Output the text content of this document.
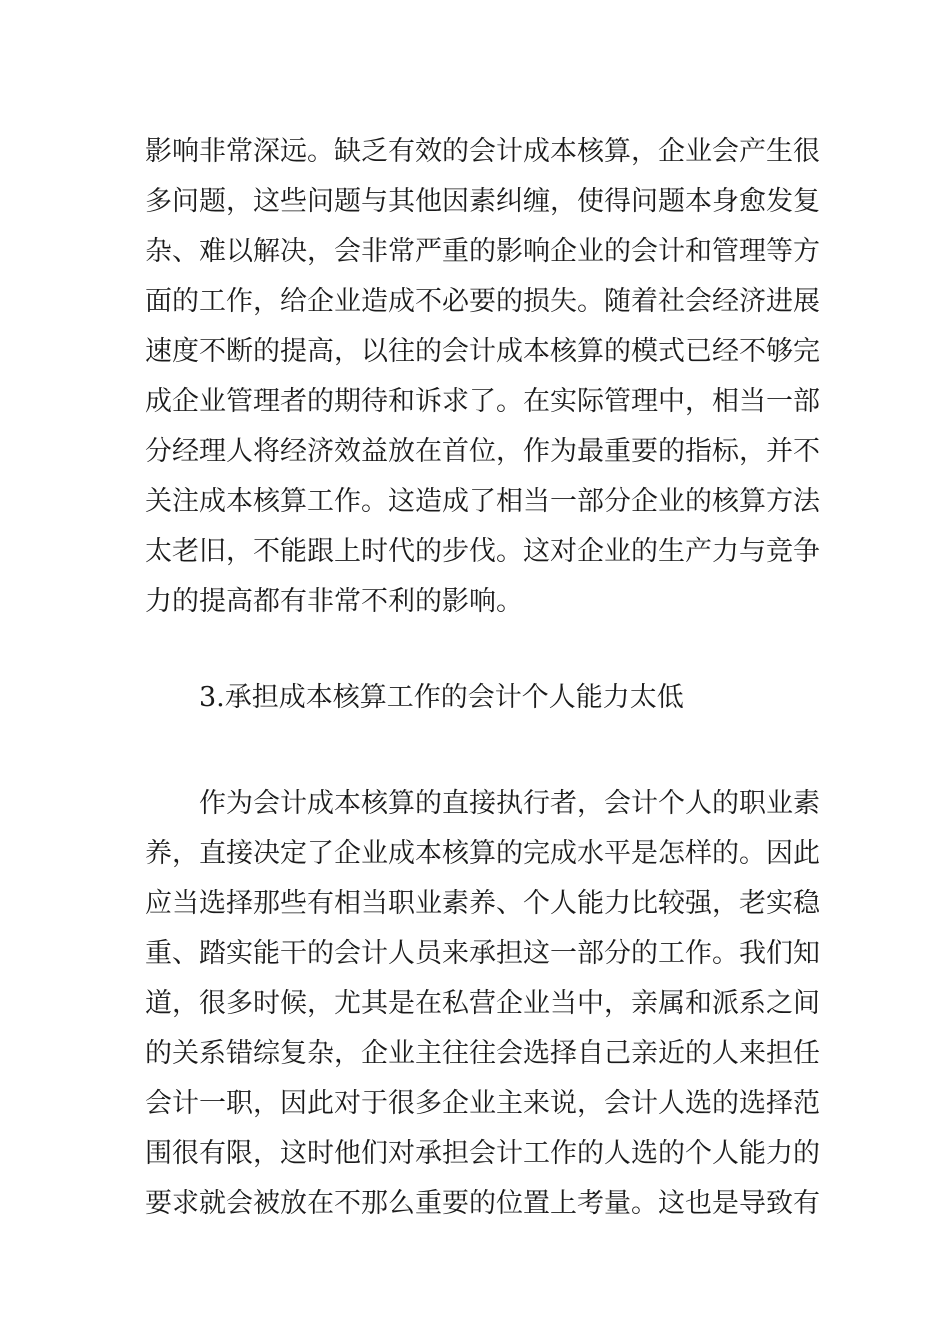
影响非常深远。缺乏有效的会计成本核算，企业会产生很
多问题，这些问题与其他因素纠缠，使得问题本身愈发复
杂、难以解决，会非常严重的影响企业的会计和管理等方
面的工作，给企业造成不必要的损失。随着社会经济进展
速度不断的提高，以往的会计成本核算的模式已经不够完
成企业管理者的期待和诉求了。在实际管理中，相当一部
分经理人将经济效益放在首位，作为最重要的指标，并不
关注成本核算工作。这造成了相当一部分企业的核算方法
太老旧，不能跟上时代的步伐。这对企业的生产力与竞争
力的提高都有非常不利的影响。
3.承担成本核算工作的会计个人能力太低
作为会计成本核算的直接执行者，会计个人的职业素
养，直接决定了企业成本核算的完成水平是怎样的。因此
应当选择那些有相当职业素养、个人能力比较强，老实稳
重、踏实能干的会计人员来承担这一部分的工作。我们知
道，很多时候，尤其是在私营企业当中，亲属和派系之间
的关系错综复杂，企业主往往会选择自己亲近的人来担任
会计一职，因此对于很多企业主来说，会计人选的选择范
围很有限，这时他们对承担会计工作的人选的个人能力的
要求就会被放在不那么重要的位置上考量。这也是导致有
